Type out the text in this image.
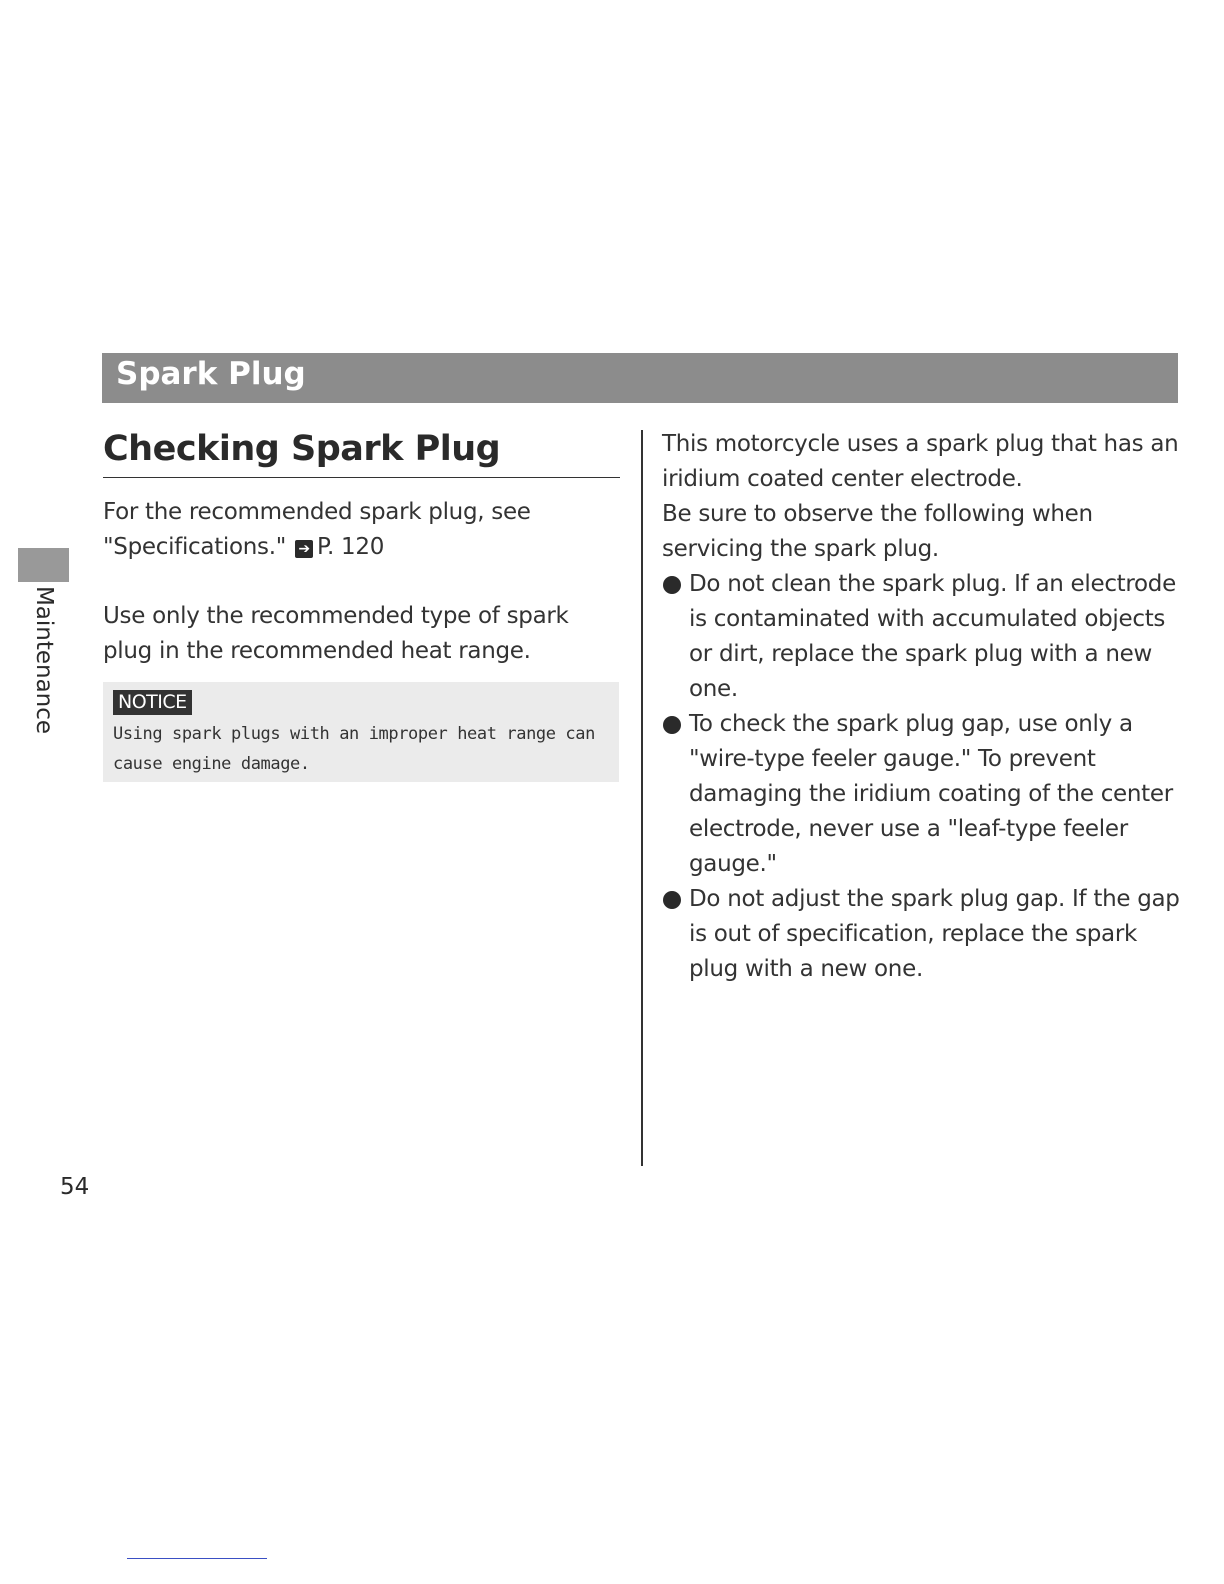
Spark Plug
Maintenance
Checking Spark Plug
For the recommended spark plug, see
"Specifications." ➔ P. 120
Use only the recommended type of spark plug in the recommended heat range.
NOTICE
Using spark plugs with an improper heat range can cause engine damage.
This motorcycle uses a spark plug that has an iridium coated center electrode.
Be sure to observe the following when servicing the spark plug.
Do not clean the spark plug. If an electrode is contaminated with accumulated objects or dirt, replace the spark plug with a new one.
To check the spark plug gap, use only a "wire-type feeler gauge." To prevent damaging the iridium coating of the center electrode, never use a "leaf-type feeler gauge."
Do not adjust the spark plug gap. If the gap is out of specification, replace the spark plug with a new one.
54
